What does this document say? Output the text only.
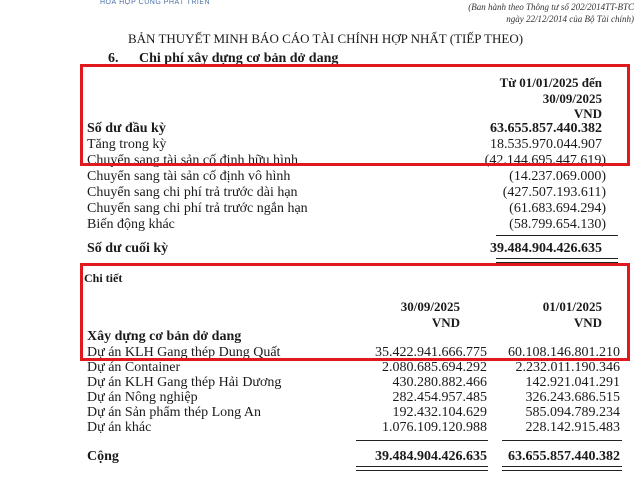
HOÀ HỢP CÙNG PHÁT TRIỂN	(Ban hành theo Thông tư số 202/2014TT-BTC
ngày 22/12/2014 của Bộ Tài chính)
BẢN THUYẾT MINH BÁO CÁO TÀI CHÍNH HỢP NHẤT (TIẾP THEO)
6. Chi phí xây dựng cơ bản dở dang
Từ 01/01/2025 đến
30/09/2025
VND
Số dư đầu kỳ	63.655.857.440.382
Tăng trong kỳ	18.535.970.044.907
Chuyển sang tài sản cố định hữu hình	(42.144.695.447.619)
Chuyển sang tài sản cố định vô hình	(14.237.069.000)
Chuyển sang chi phí trả trước dài hạn	(427.507.193.611)
Chuyển sang chi phí trả trước ngắn hạn	(61.683.694.294)
Biến động khác	(58.799.654.130)
Số dư cuối kỳ	39.484.904.426.635
Chi tiết
30/09/2025
VND
01/01/2025
VND
Xây dựng cơ bản dở dang
Dự án KLH Gang thép Dung Quất	35.422.941.666.775 60.108.146.801.210
Dự án Container	2.080.685.694.292 2.232.011.190.346
Dự án KLH Gang thép Hải Dương	430.280.882.466	142.921.041.291
Dự án Nông nghiệp	282.454.957.485	326.243.686.515
Dự án Sản phẩm thép Long An	192.432.104.629	585.094.789.234
Dự án khác	1.076.109.120.988	228.142.915.483
Cộng	39.484.904.426.635 63.655.857.440.382
